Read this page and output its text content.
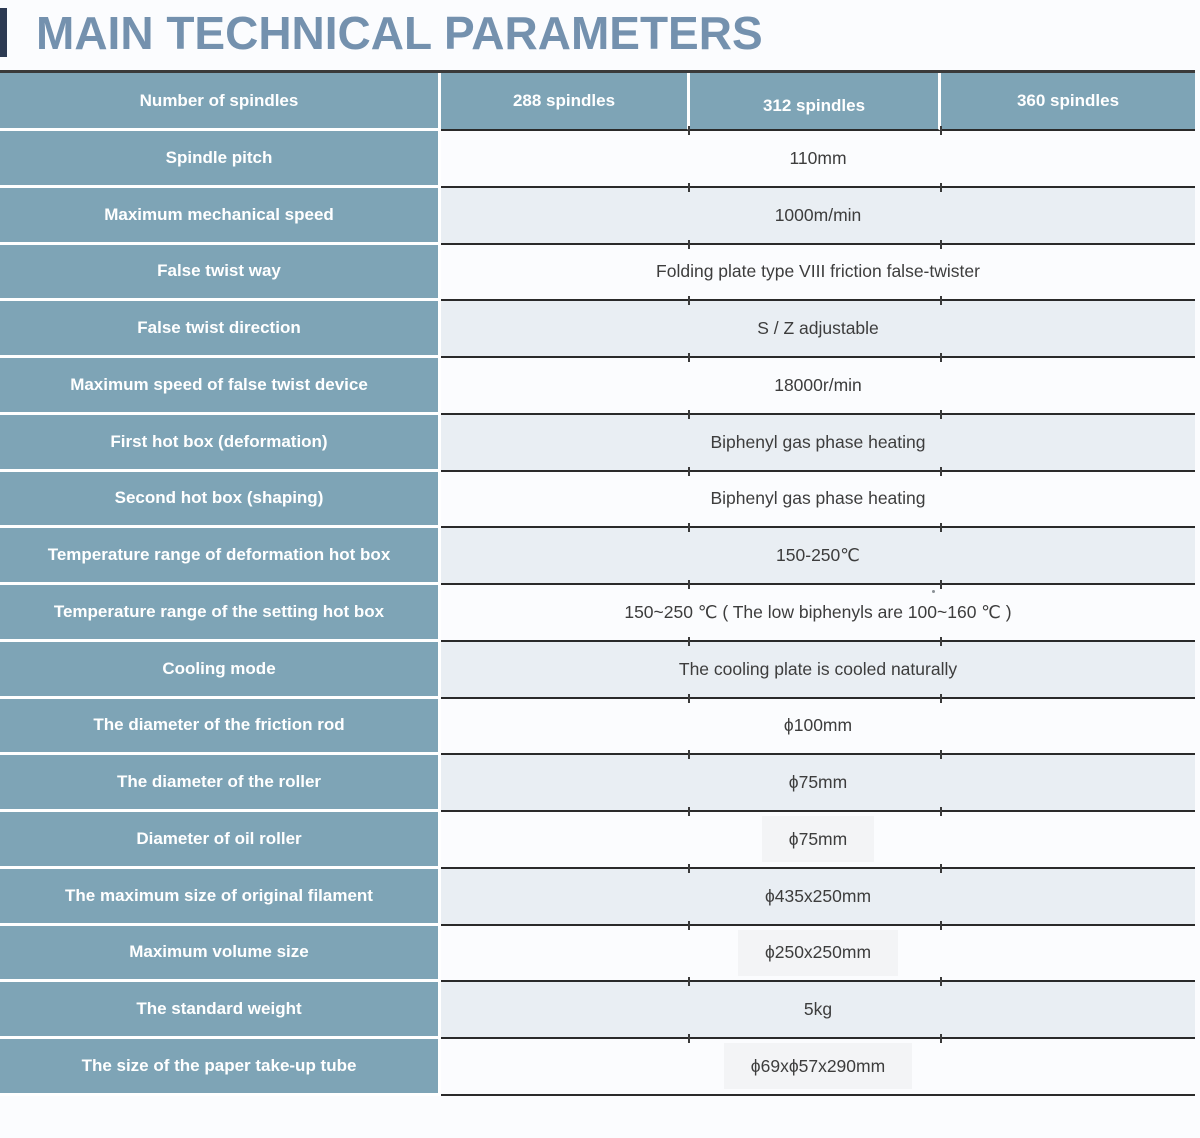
MAIN TECHNICAL PARAMETERS
Number of spindles	288 spindles	312 spindles	360 spindles
Spindle pitch	110mm
Maximum mechanical speed	1000m/min
False twist way	Folding plate type VIII friction false-twister
False twist direction	S / Z adjustable
Maximum speed of false twist device	18000r/min
First hot box (deformation)	Biphenyl gas phase heating
Second hot box (shaping)	Biphenyl gas phase heating
Temperature range of deformation hot box	150-250℃
Temperature range of the setting hot box	150~250 ℃ ( The low biphenyls are 100~160 ℃ )
Cooling mode	The cooling plate is cooled naturally
The diameter of the friction rod	ϕ100mm
The diameter of the roller	ϕ75mm
Diameter of oil roller	ϕ75mm
The maximum size of original filament	ϕ435x250mm
Maximum volume size	ϕ250x250mm
The standard weight	5kg
The size of the paper take-up tube	ϕ69xϕ57x290mm
